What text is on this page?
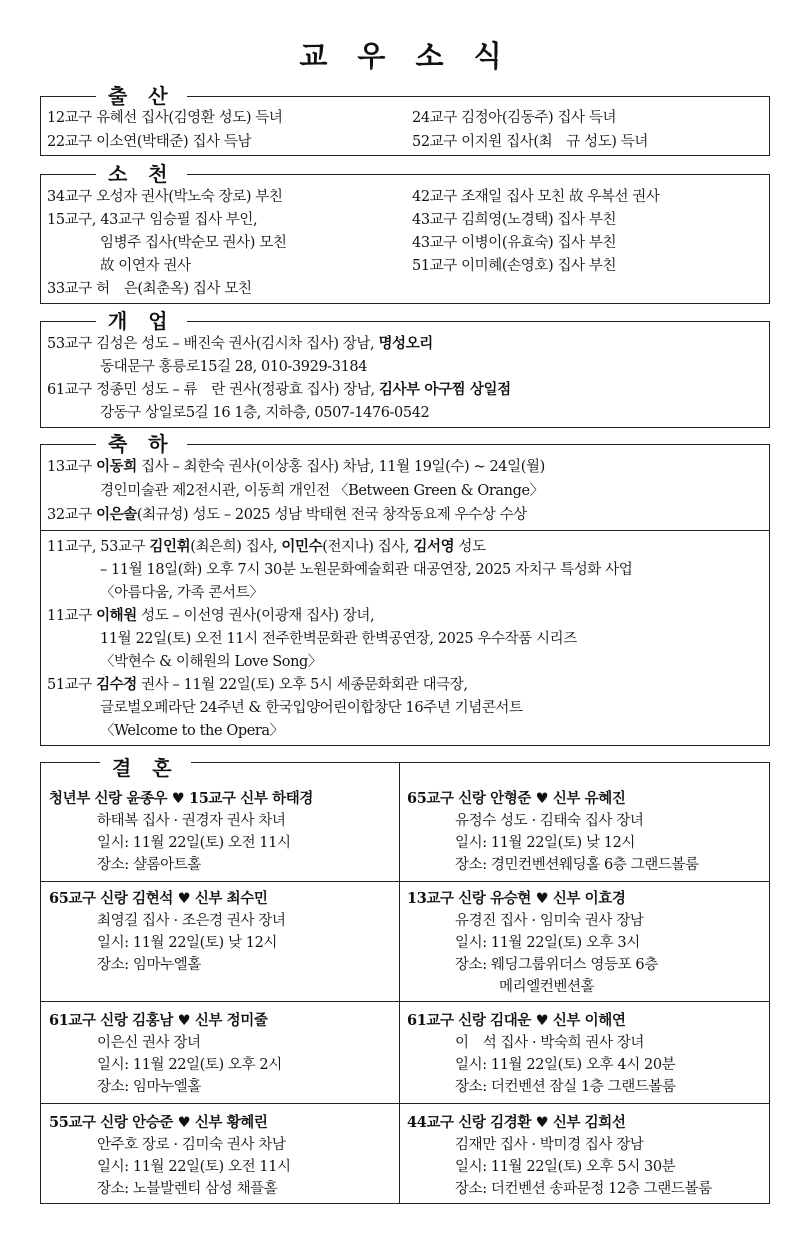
교 우 소 식
12교구 유혜선 집사(김영환 성도) 득녀
22교구 이소연(박태준) 집사 득남
24교구 김정아(김동주) 집사 득녀
52교구 이지원 집사(최　규 성도) 득녀
출 산
34교구 오성자 권사(박노숙 장로) 부친
15교구, 43교구 임승필 집사 부인,
임병주 집사(박순모 권사) 모친
故 이연자 권사
33교구 허　은(최춘옥) 집사 모친
42교구 조재일 집사 모친 故 우복선 권사
43교구 김희영(노경택) 집사 부친
43교구 이병이(유효숙) 집사 부친
51교구 이미혜(손영호) 집사 부친
소 천
53교구 김성은 성도 – 배진숙 권사(김시차 집사) 장남, 명성오리
동대문구 홍릉로15길 28, 010-3929-3184
61교구 정종민 성도 – 류　란 권사(정광효 집사) 장남, 김사부 아구찜 상일점
강동구 상일로5길 16 1층, 지하층, 0507-1476-0542
개 업
13교구 이동희 집사 – 최한숙 권사(이상홍 집사) 차남, 11월 19일(수) ~ 24일(월)
경인미술관 제2전시관, 이동희 개인전 〈Between Green & Orange〉
32교구 이은솔(최규성) 성도 – 2025 성남 박태현 전국 창작동요제 우수상 수상
11교구, 53교구 김인휘(최은희) 집사, 이민수(전지나) 집사, 김서영 성도
– 11월 18일(화) 오후 7시 30분 노원문화예술회관 대공연장, 2025 자치구 특성화 사업
〈아름다움, 가족 콘서트〉
11교구 이해원 성도 – 이선영 권사(이광재 집사) 장녀,
11월 22일(토) 오전 11시 전주한벽문화관 한벽공연장, 2025 우수작품 시리즈
〈박현수 & 이해원의 Love Song〉
51교구 김수정 권사 – 11월 22일(토) 오후 5시 세종문화회관 대극장,
글로벌오페라단 24주년 & 한국입양어린이합창단 16주년 기념콘서트
〈Welcome to the Opera〉
축 하
청년부 신랑 윤종우 ♥ 15교구 신부 하태경
하태복 집사 · 권경자 권사 차녀
일시: 11월 22일(토) 오전 11시
장소: 샬롬아트홀
65교구 신랑 안형준 ♥ 신부 유혜진
유정수 성도 · 김태숙 집사 장녀
일시: 11월 22일(토) 낮 12시
장소: 경민컨벤션웨딩홀 6층 그랜드볼룸
65교구 신랑 김현석 ♥ 신부 최수민
최영길 집사 · 조은경 권사 장녀
일시: 11월 22일(토) 낮 12시
장소: 임마누엘홀
13교구 신랑 유승현 ♥ 신부 이효경
유경진 집사 · 임미숙 권사 장남
일시: 11월 22일(토) 오후 3시
장소: 웨딩그룹위더스 영등포 6층
메리엘컨벤션홀
61교구 신랑 김홍남 ♥ 신부 정미줄
이은신 권사 장녀
일시: 11월 22일(토) 오후 2시
장소: 임마누엘홀
61교구 신랑 김대운 ♥ 신부 이해연
이　석 집사 · 박숙희 권사 장녀
일시: 11월 22일(토) 오후 4시 20분
장소: 더컨벤션 잠실 1층 그랜드볼룸
55교구 신랑 안승준 ♥ 신부 황혜린
안주호 장로 · 김미숙 권사 차남
일시: 11월 22일(토) 오전 11시
장소: 노블발렌티 삼성 채플홀
44교구 신랑 김경환 ♥ 신부 김희선
김재만 집사 · 박미경 집사 장남
일시: 11월 22일(토) 오후 5시 30분
장소: 더컨벤션 송파문정 12층 그랜드볼룸
결 혼
